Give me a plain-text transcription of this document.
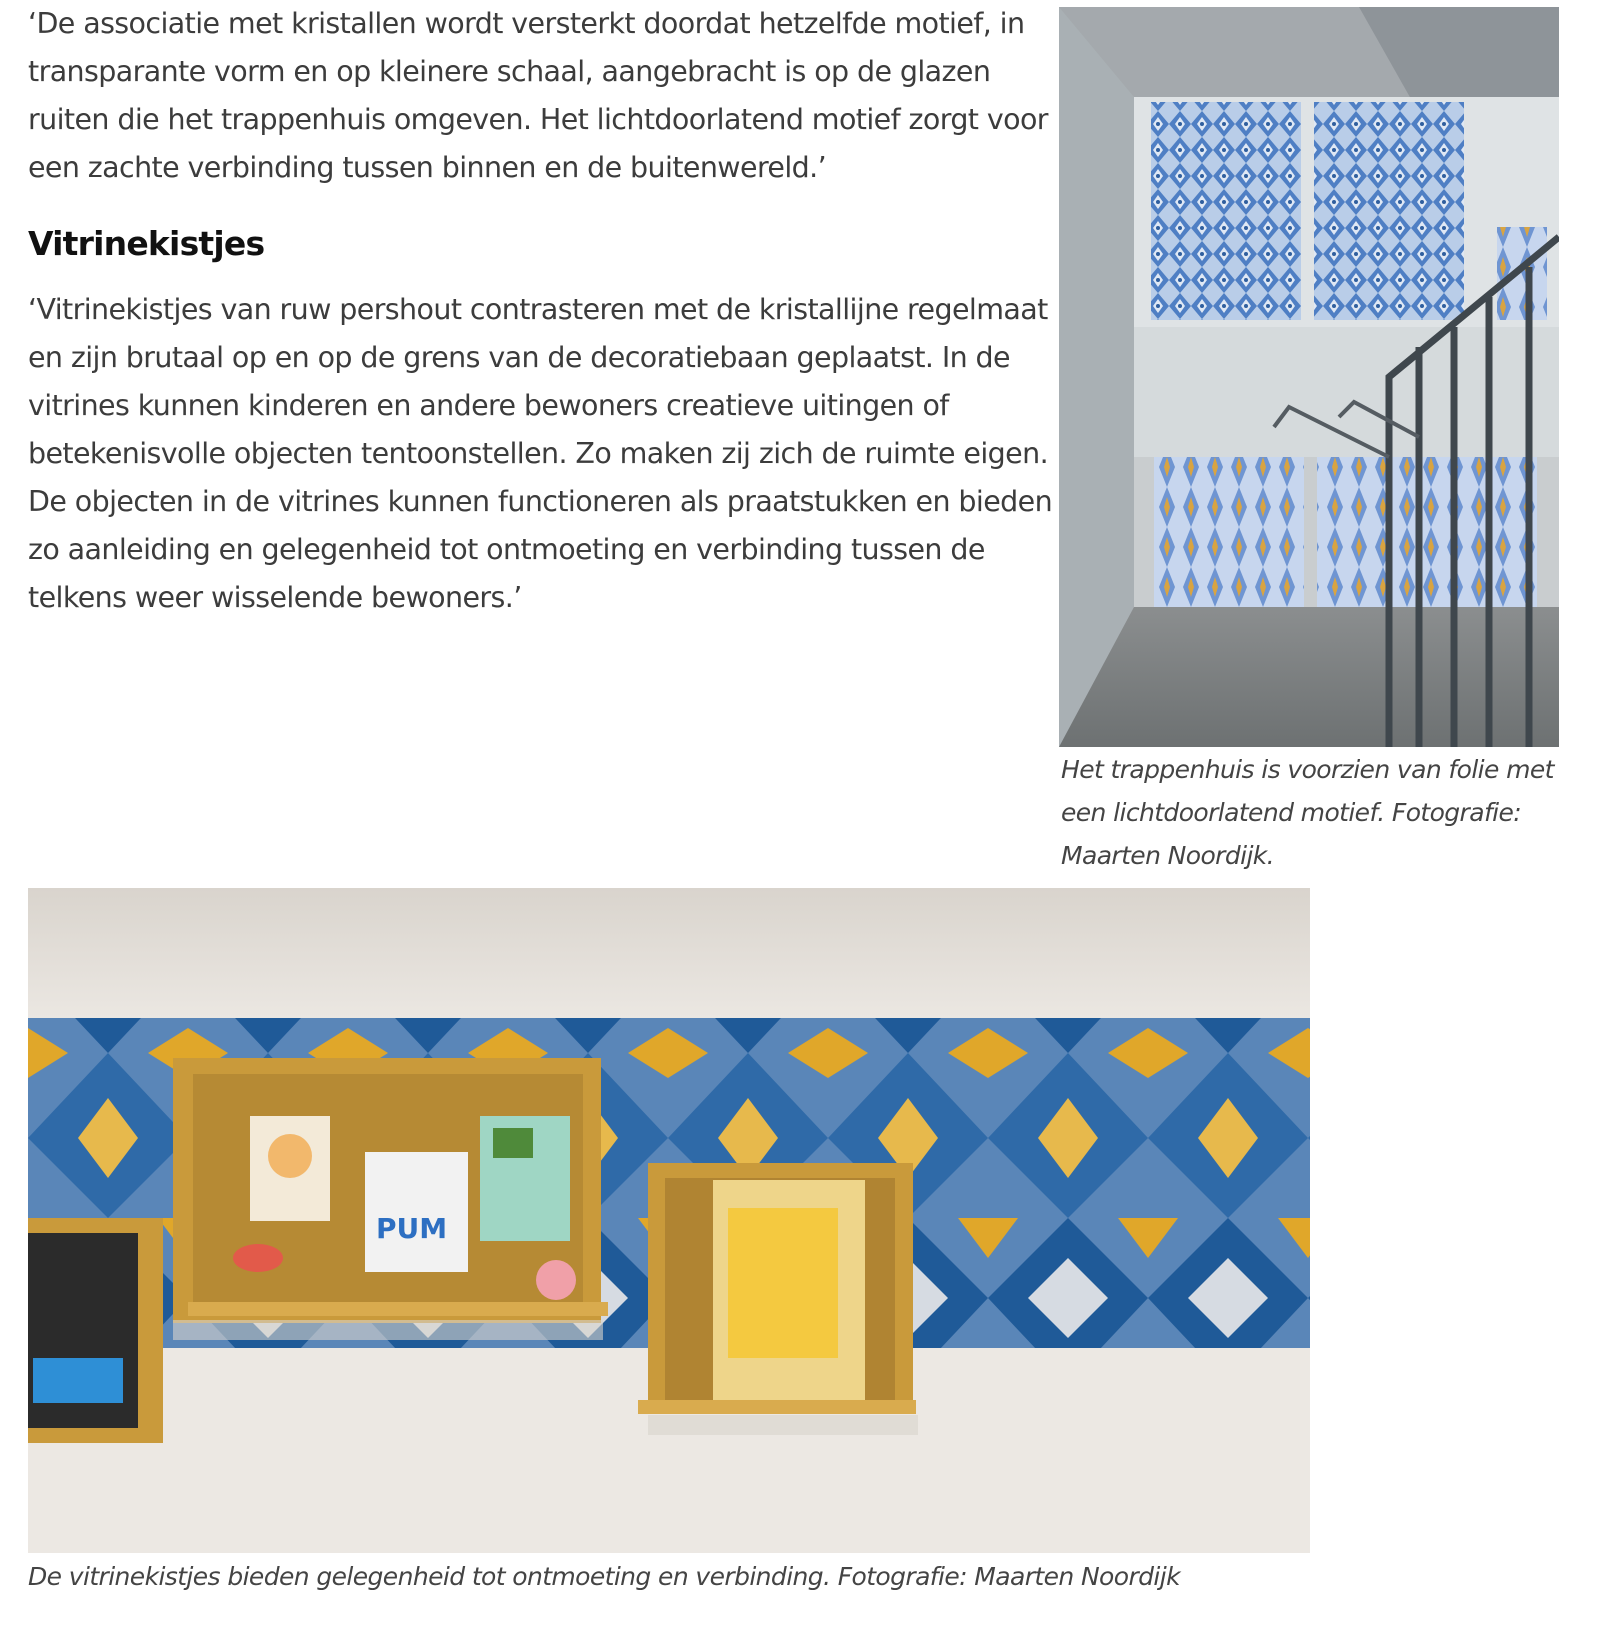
‘De associatie met kristallen wordt versterkt doordat hetzelfde motief, in transparante vorm en op kleinere schaal, aangebracht is op de glazen ruiten die het trappenhuis omgeven. Het lichtdoorlatend motief zorgt voor een zachte verbinding tussen binnen en de buitenwereld.’

Vitrinekistjes

‘Vitrinekistjes van ruw pershout contrasteren met de kristallijne regelmaat en zijn brutaal op en op de grens van de decoratiebaan geplaatst. In de vitrines kunnen kinderen en andere bewoners creatieve uitingen of betekenisvolle objecten tentoonstellen. Zo maken zij zich de ruimte eigen. De objecten in de vitrines kunnen functioneren als praatstukken en bieden zo aanleiding en gelegenheid tot ontmoeting en verbinding tussen de telkens weer wisselende bewoners.’

Het trappenhuis is voorzien van folie met een lichtdoorlatend motief. Fotografie: Maarten Noordijk.

PUM

De vitrinekistjes bieden gelegenheid tot ontmoeting en verbinding. Fotografie: Maarten Noordijk
